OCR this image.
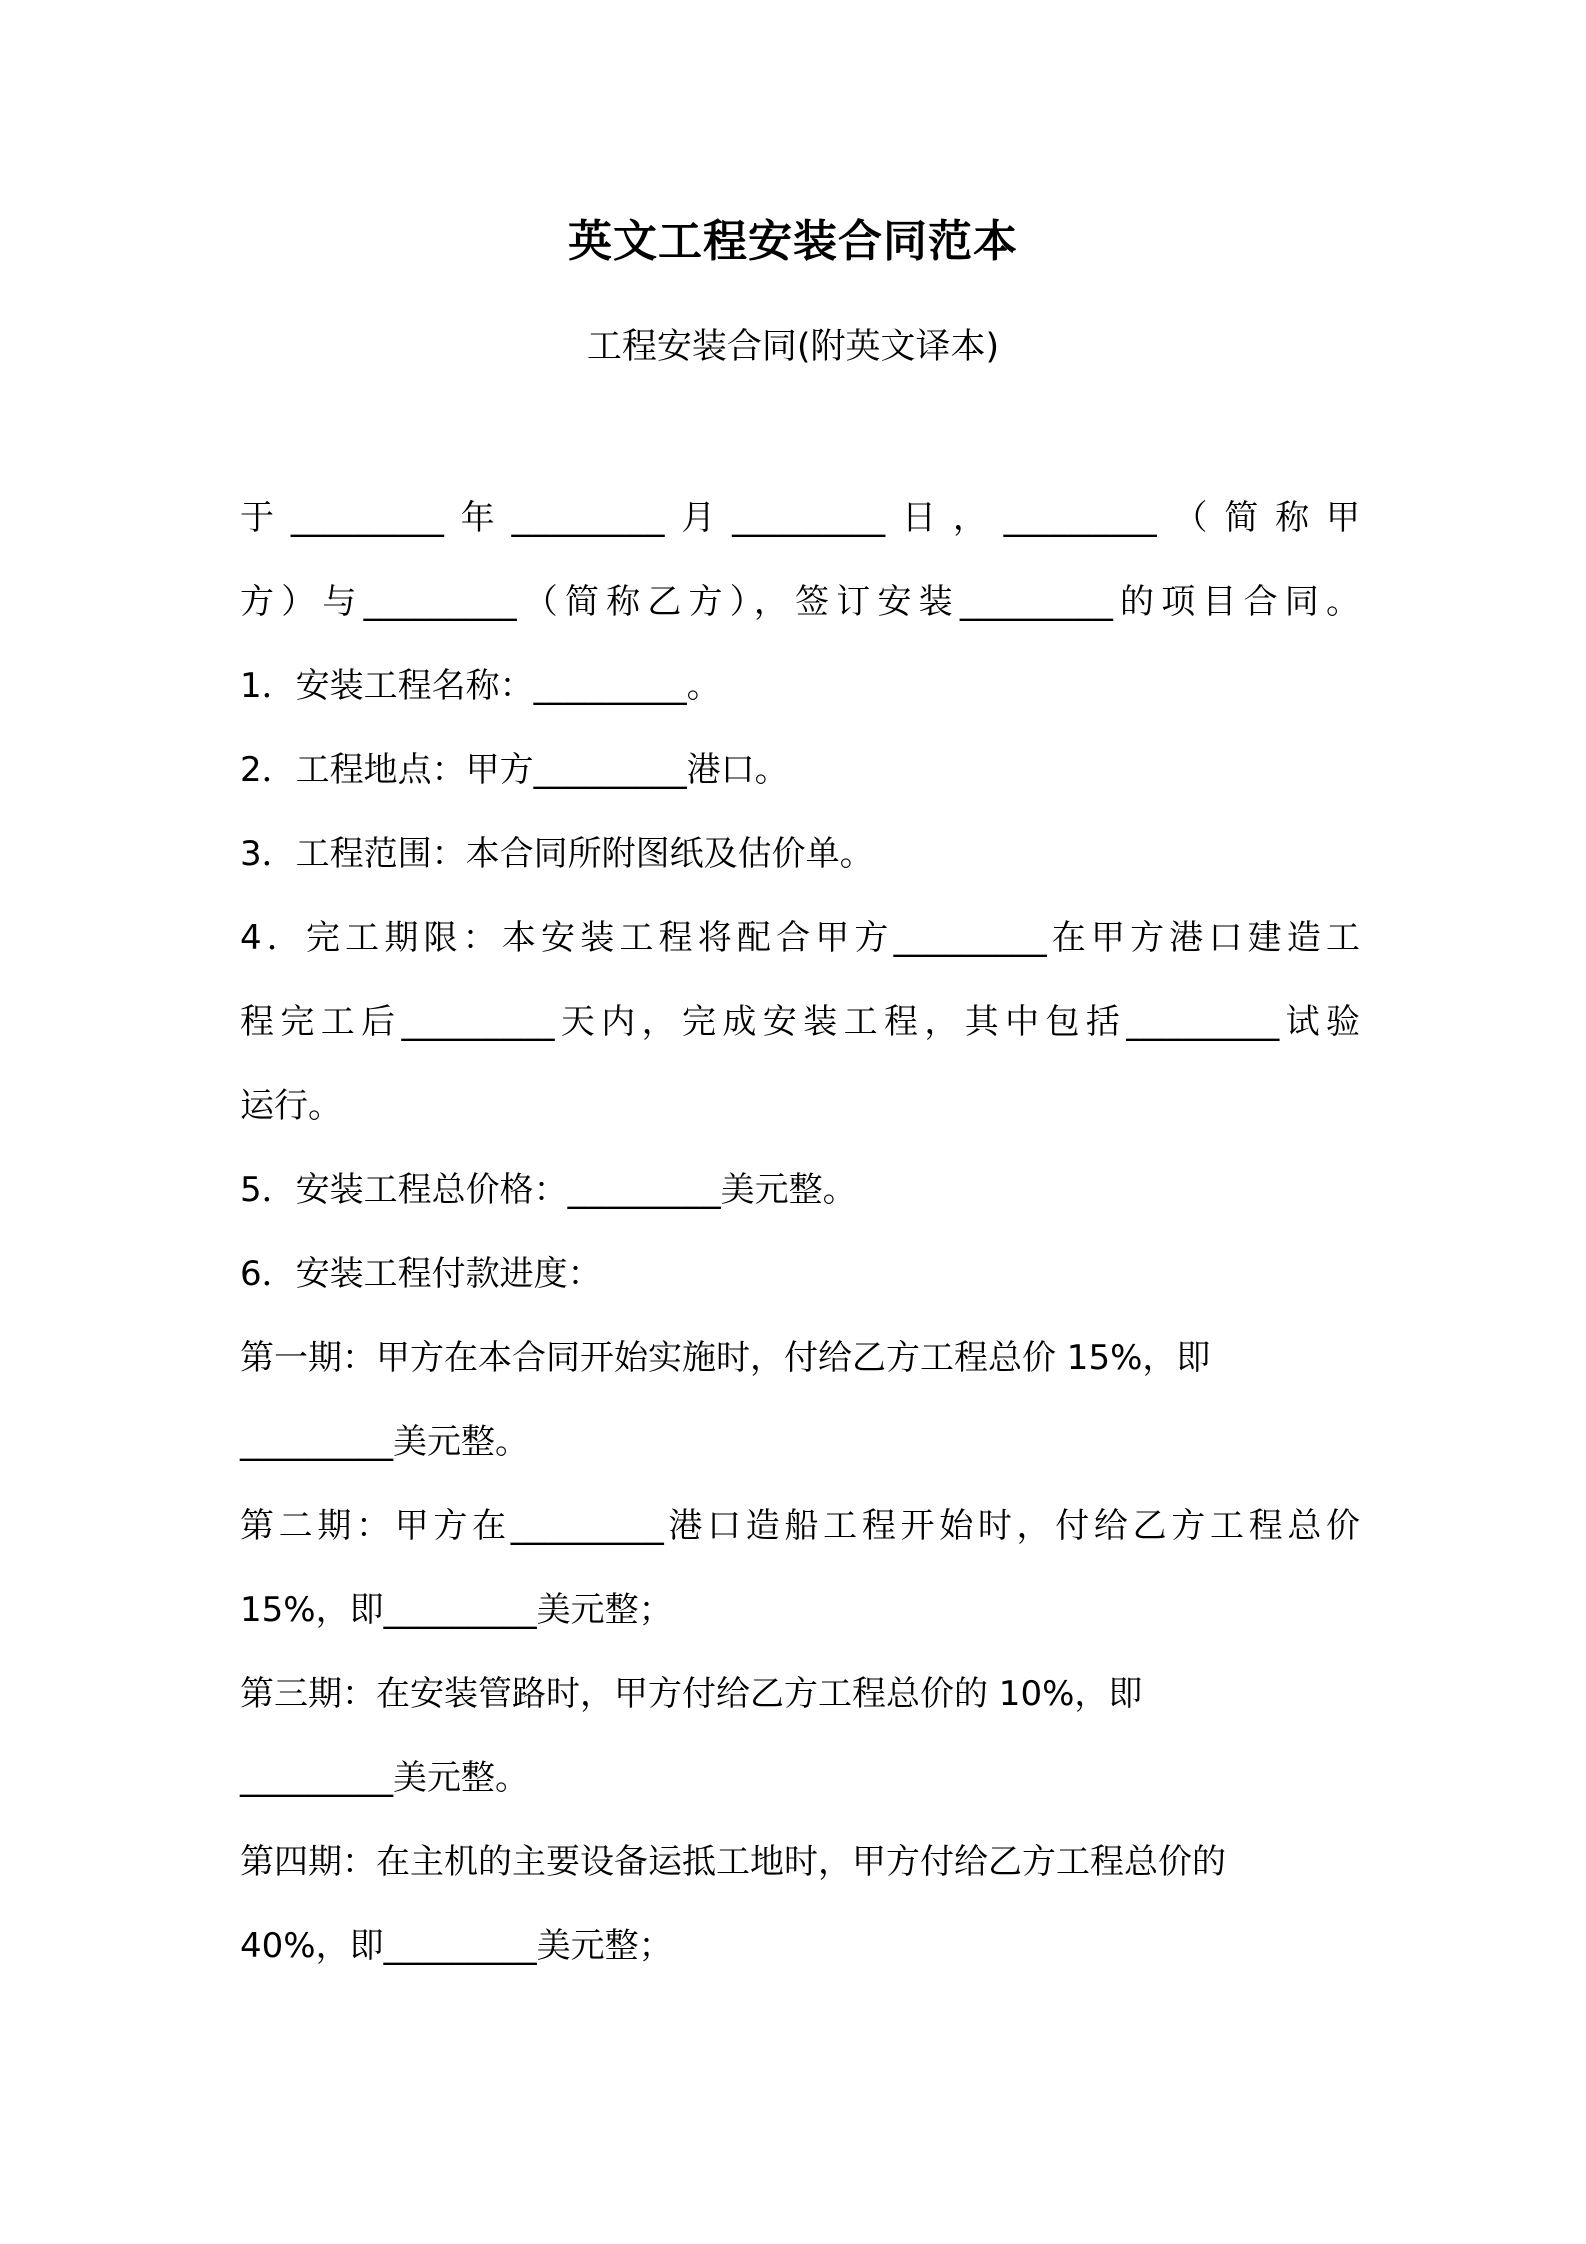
英文工程安装合同范本
工程安装合同(附英文译本)
于_________年_________月_________日，_________（简称甲
方）与_________（简称乙方），签订安装_________的项目合同。
1．安装工程名称：_________。
2．工程地点：甲方_________港口。
3．工程范围：本合同所附图纸及估价单。
4．完工期限：本安装工程将配合甲方_________在甲方港口建造工
程完工后_________天内，完成安装工程，其中包括_________试验
运行。
5．安装工程总价格：_________美元整。
6．安装工程付款进度：
第一期：甲方在本合同开始实施时，付给乙方工程总价 15%，即
_________美元整。
第二期：甲方在_________港口造船工程开始时，付给乙方工程总价
15%，即_________美元整；
第三期：在安装管路时，甲方付给乙方工程总价的 10%，即
_________美元整。
第四期：在主机的主要设备运抵工地时，甲方付给乙方工程总价的
40%，即_________美元整；
